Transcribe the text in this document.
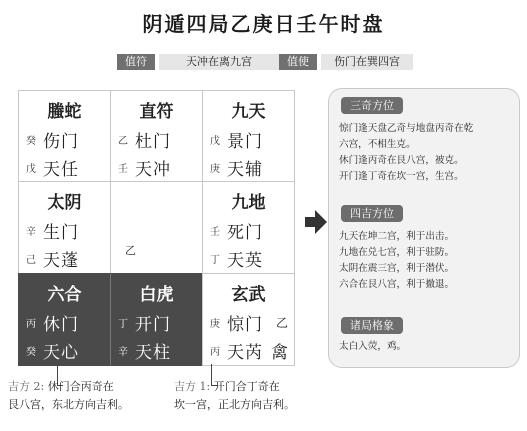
阴遁四局乙庚日壬午时盘
值符	天冲在离九宫	值使	伤门在巽四宫
螣蛇
癸 伤门
戊 天任
直符
乙 杜门
壬 天冲
九天
戊 景门
庚 天辅
太阴
辛 生门
己 天蓬
乙
九地
壬 死门
丁 天英
六合
丙 休门
癸 天心
白虎
丁 开门
辛 天柱
玄武
庚 惊门 乙
丙 天芮 禽
三奇方位
惊门逢天盘乙奇与地盘丙奇在乾
六宫，不相生克。
休门逢丙奇在艮八宫，被克。
开门逢丁奇在坎一宫，生宫。
四吉方位
九天在坤二宫，利于出击。
九地在兑七宫，利于驻防。
太阴在震三宫，利于潜伏。
六合在艮八宫，利于撤退。
诸局格象
太白入荧，鸡。
吉方 2: 休门合丙奇在
艮八宫，东北方向吉利。
吉方 1: 开门合丁奇在
坎一宫，正北方向吉利。
